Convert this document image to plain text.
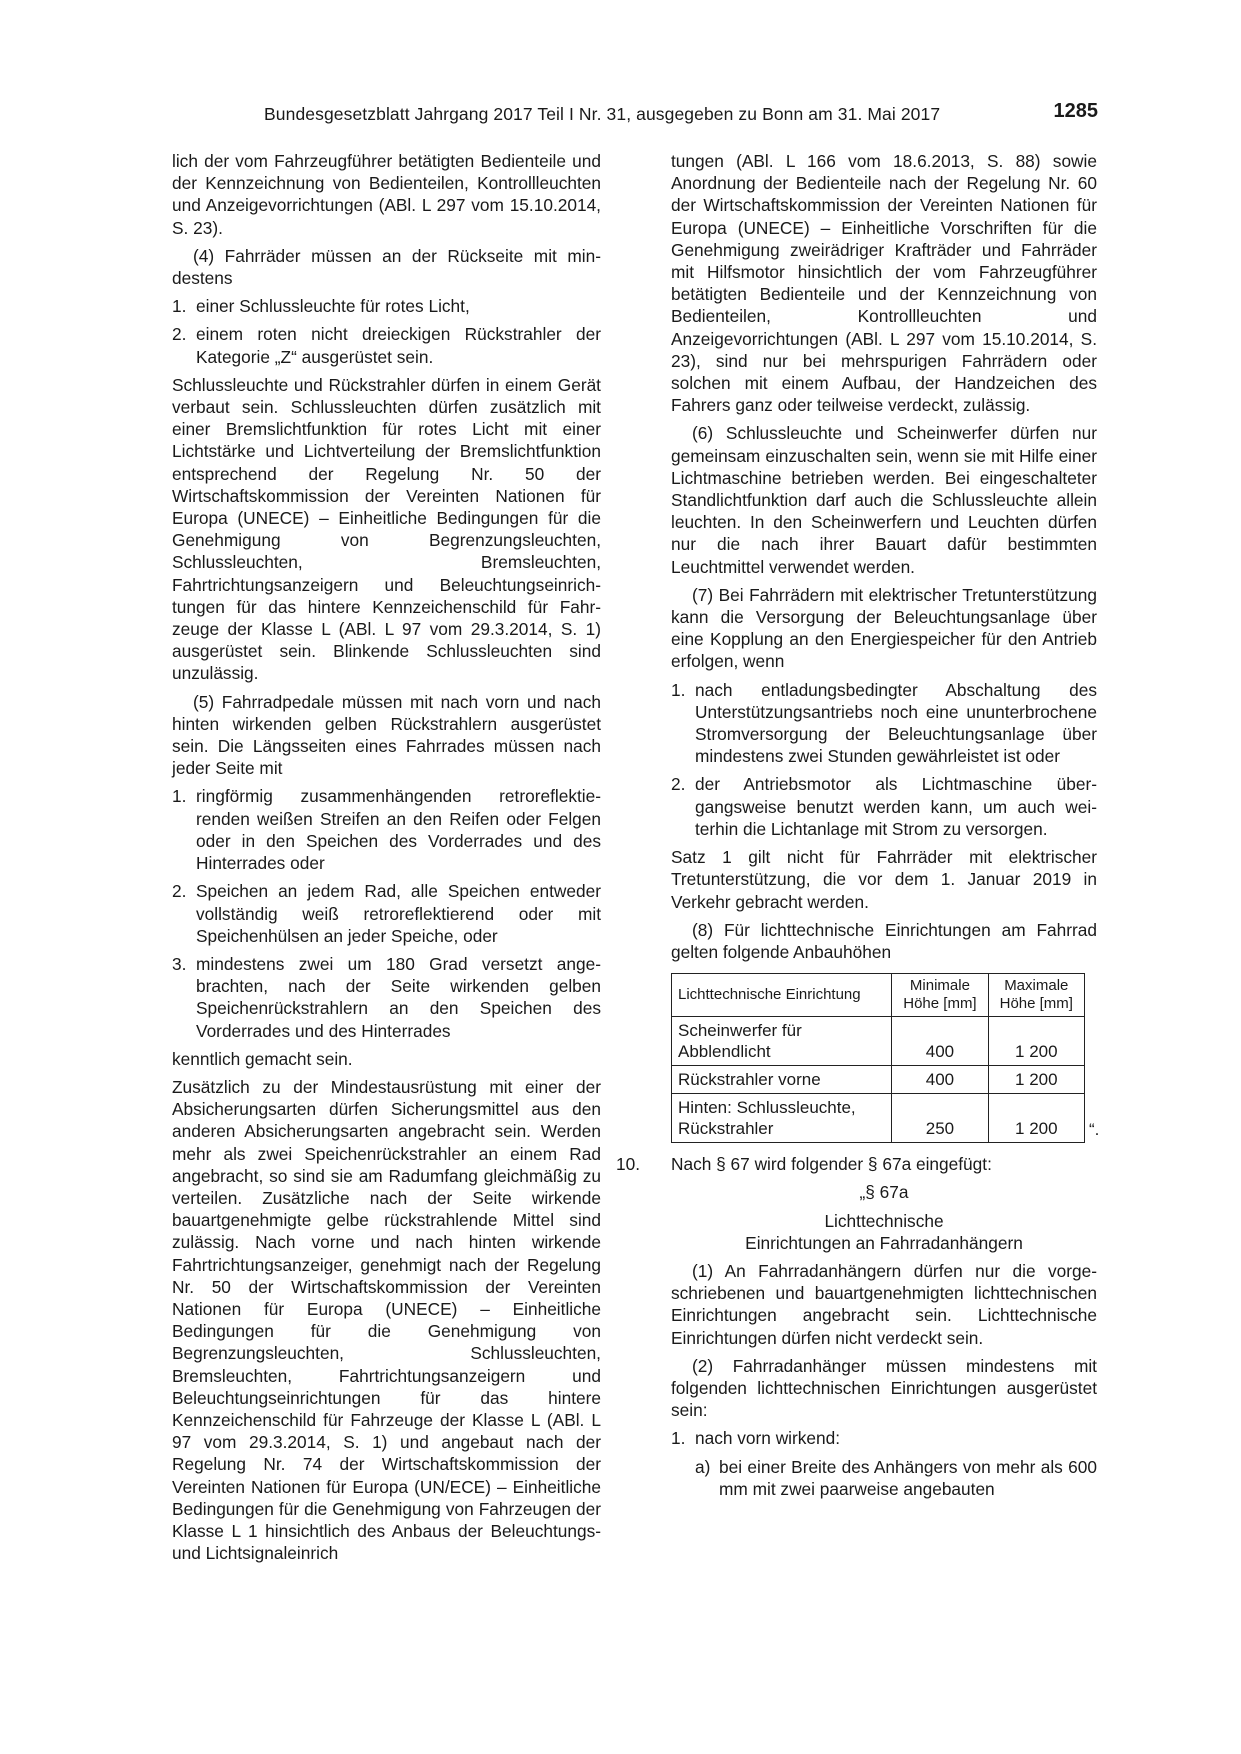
Bundesgesetzblatt Jahrgang 2017 Teil I Nr. 31, ausgegeben zu Bonn am 31. Mai 2017	1285

lich der vom Fahrzeugführer betätigten Bedienteile und der Kennzeichnung von Bedienteilen, Kontrollleuchten und Anzeigevorrichtungen (ABl. L 297 vom 15.10.2014, S. 23).

(4) Fahrräder müssen an der Rückseite mit mindestens

1. einer Schlussleuchte für rotes Licht,
2. einem roten nicht dreieckigen Rückstrahler der Kategorie „Z“ ausgerüstet sein.

Schlussleuchte und Rückstrahler dürfen in einem Gerät verbaut sein. Schlussleuchten dürfen zusätzlich mit einer Bremslichtfunktion für rotes Licht mit einer Lichtstärke und Lichtverteilung der Bremslichtfunktion entsprechend der Regelung Nr. 50 der Wirtschaftskommission der Vereinten Nationen für Europa (UNECE) – Einheitliche Bedingungen für die Genehmigung von Begrenzungsleuchten, Schlussleuchten, Bremsleuchten, Fahrtrichtungsanzeigern und Beleuchtungseinrichtungen für das hintere Kennzeichenschild für Fahrzeuge der Klasse L (ABl. L 97 vom 29.3.2014, S. 1) ausgerüstet sein. Blinkende Schlussleuchten sind unzulässig.

(5) Fahrradpedale müssen mit nach vorn und nach hinten wirkenden gelben Rückstrahlern ausgerüstet sein. Die Längsseiten eines Fahrrades müssen nach jeder Seite mit

1. ringförmig zusammenhängenden retroreflektierenden weißen Streifen an den Reifen oder Felgen oder in den Speichen des Vorderrades und des Hinterrades oder
2. Speichen an jedem Rad, alle Speichen entweder vollständig weiß retroreflektierend oder mit Speichenhülsen an jeder Speiche, oder
3. mindestens zwei um 180 Grad versetzt angebrachten, nach der Seite wirkenden gelben Speichenrückstrahlern an den Speichen des Vorderrades und des Hinterrades

kenntlich gemacht sein.

Zusätzlich zu der Mindestausrüstung mit einer der Absicherungsarten dürfen Sicherungsmittel aus den anderen Absicherungsarten angebracht sein. Werden mehr als zwei Speichenrückstrahler an einem Rad angebracht, so sind sie am Radumfang gleichmäßig zu verteilen. Zusätzliche nach der Seite wirkende bauartgenehmigte gelbe rückstrahlende Mittel sind zulässig. Nach vorne und nach hinten wirkende Fahrtrichtungsanzeiger, genehmigt nach der Regelung Nr. 50 der Wirtschaftskommission der Vereinten Nationen für Europa (UNECE) – Einheitliche Bedingungen für die Genehmigung von Begrenzungsleuchten, Schlussleuchten, Bremsleuchten, Fahrtrichtungsanzeigern und Beleuchtungseinrichtungen für das hintere Kennzeichenschild für Fahrzeuge der Klasse L (ABl. L 97 vom 29.3.2014, S. 1) und angebaut nach der Regelung Nr. 74 der Wirtschaftskommission der Vereinten Nationen für Europa (UN/ECE) – Einheitliche Bedingungen für die Genehmigung von Fahrzeugen der Klasse L 1 hinsichtlich des Anbaus der Beleuchtungs- und Lichtsignaleinrich

tungen (ABl. L 166 vom 18.6.2013, S. 88) sowie Anordnung der Bedienteile nach der Regelung Nr. 60 der Wirtschaftskommission der Vereinten Nationen für Europa (UNECE) – Einheitliche Vorschriften für die Genehmigung zweirädriger Krafträder und Fahrräder mit Hilfsmotor hinsichtlich der vom Fahrzeugführer betätigten Bedienteile und der Kennzeichnung von Bedienteilen, Kontrollleuchten und Anzeigevorrichtungen (ABl. L 297 vom 15.10.2014, S. 23), sind nur bei mehrspurigen Fahrrädern oder solchen mit einem Aufbau, der Handzeichen des Fahrers ganz oder teilweise verdeckt, zulässig.

(6) Schlussleuchte und Scheinwerfer dürfen nur gemeinsam einzuschalten sein, wenn sie mit Hilfe einer Lichtmaschine betrieben werden. Bei eingeschalteter Standlichtfunktion darf auch die Schlussleuchte allein leuchten. In den Scheinwerfern und Leuchten dürfen nur die nach ihrer Bauart dafür bestimmten Leuchtmittel verwendet werden.

(7) Bei Fahrrädern mit elektrischer Tretunterstützung kann die Versorgung der Beleuchtungsanlage über eine Kopplung an den Energiespeicher für den Antrieb erfolgen, wenn

1. nach entladungsbedingter Abschaltung des Unterstützungsantriebs noch eine ununterbrochene Stromversorgung der Beleuchtungsanlage über mindestens zwei Stunden gewährleistet ist oder
2. der Antriebsmotor als Lichtmaschine übergangsweise benutzt werden kann, um auch weiterhin die Lichtanlage mit Strom zu versorgen.

Satz 1 gilt nicht für Fahrräder mit elektrischer Tretunterstützung, die vor dem 1. Januar 2019 in Verkehr gebracht werden.

(8) Für lichttechnische Einrichtungen am Fahrrad gelten folgende Anbauhöhen

Lichttechnische Einrichtung	Minimale Höhe [mm]	Maximale Höhe [mm]
Scheinwerfer für Abblendlicht	400	1 200
Rückstrahler vorne	400	1 200
Hinten: Schlussleuchte, Rückstrahler	250	1 200 “.
10.	Nach § 67 wird folgender § 67a eingefügt:
„§ 67a
Lichttechnische
Einrichtungen an Fahrradanhängern

(1) An Fahrradanhängern dürfen nur die vorgeschriebenen und bauartgenehmigten lichttechnischen Einrichtungen angebracht sein. Lichttechnische Einrichtungen dürfen nicht verdeckt sein.

(2) Fahrradanhänger müssen mindestens mit folgenden lichttechnischen Einrichtungen ausgerüstet sein:

1. nach vorn wirkend:
a) bei einer Breite des Anhängers von mehr als 600 mm mit zwei paarweise angebauten
